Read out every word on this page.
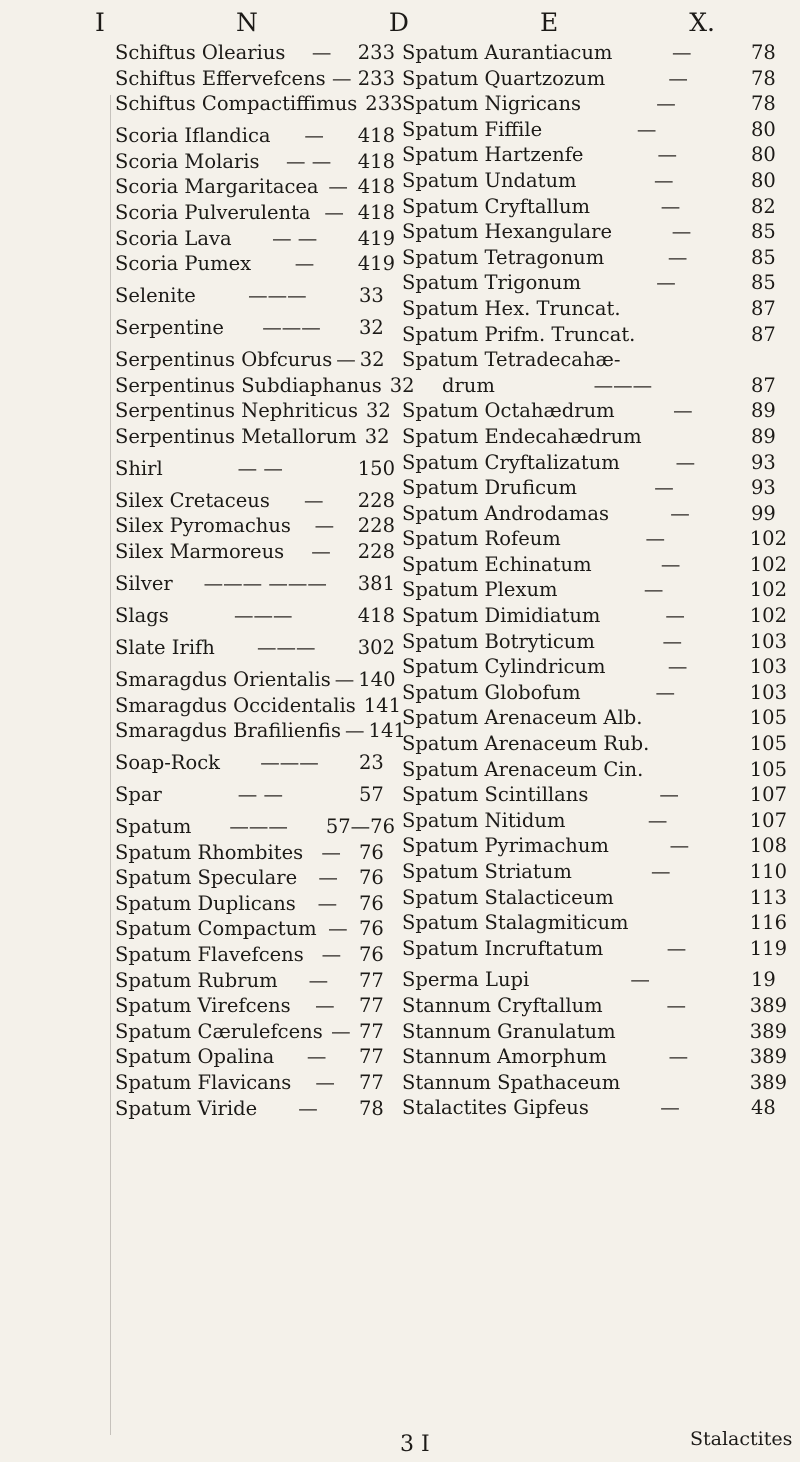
I	N	D	E	X.
Schiftus Olearius	—	233
Schiftus Effervefcens — 233
Schiftus Compactiffimus 233
Scoria Iflandica	—	418
Scoria Molaris	— —	418
Scoria Margaritacea — 418
Scoria Pulverulenta — 418
Scoria Lava	— —	419
Scoria Pumex	—	419
Selenite	———	33
Serpentine	———	32
Serpentinus Obfcurus — 32
Serpentinus Subdiaphanus 32
Serpentinus Nephriticus 32
Serpentinus Metallorum 32
Shirl	— —	150
Silex Cretaceus	—	228
Silex Pyromachus	—	228
Silex Marmoreus	—	228
Silver	——— ———	381
Slags	———	418
Slate Irifh	———	302
Smaragdus Orientalis — 140
Smaragdus Occidentalis 141
Smaragdus Brafilienfis — 141
Soap-Rock	———	23
Spar	— —	57
Spatum	———	57—76
Spatum Rhombites — 76
Spatum Speculare	—	76
Spatum Duplicans	—	76
Spatum Compactum — 76
Spatum Flavefcens — 76
Spatum Rubrum	—	77
Spatum Virefcens	—	77
Spatum Cærulefcens — 77
Spatum Opalina	—	77
Spatum Flavicans	—	77
Spatum Viride	—	78
Spatum Aurantiacum	—	78
Spatum Quartzozum	—	78
Spatum Nigricans	—	78
Spatum Fiffile	—	80
Spatum Hartzenfe	—	80
Spatum Undatum	—	80
Spatum Cryftallum	—	82
Spatum Hexangulare	—	85
Spatum Tetragonum	—	85
Spatum Trigonum	—	85
Spatum Hex. Truncat.	87
Spatum Prifm. Truncat.	87
Spatum Tetradecahæ-
drum	———	87
Spatum Octahædrum	—	89
Spatum Endecahædrum	89
Spatum Cryftalizatum	—	93
Spatum Druficum	—	93
Spatum Androdamas	—	99
Spatum Rofeum	—	102
Spatum Echinatum	—	102
Spatum Plexum	—	102
Spatum Dimidiatum	—	102
Spatum Botryticum	—	103
Spatum Cylindricum	—	103
Spatum Globofum	—	103
Spatum Arenaceum Alb.	105
Spatum Arenaceum Rub.	105
Spatum Arenaceum Cin.	105
Spatum Scintillans	—	107
Spatum Nitidum	—	107
Spatum Pyrimachum	—	108
Spatum Striatum	—	110
Spatum Stalacticeum	113
Spatum Stalagmiticum	116
Spatum Incruftatum	—	119
Sperma Lupi	—	19
Stannum Cryftallum	—	389
Stannum Granulatum	389
Stannum Amorphum	—	389
Stannum Spathaceum	389
Stalactites Gipfeus	—	48
Stalactites
3 I
